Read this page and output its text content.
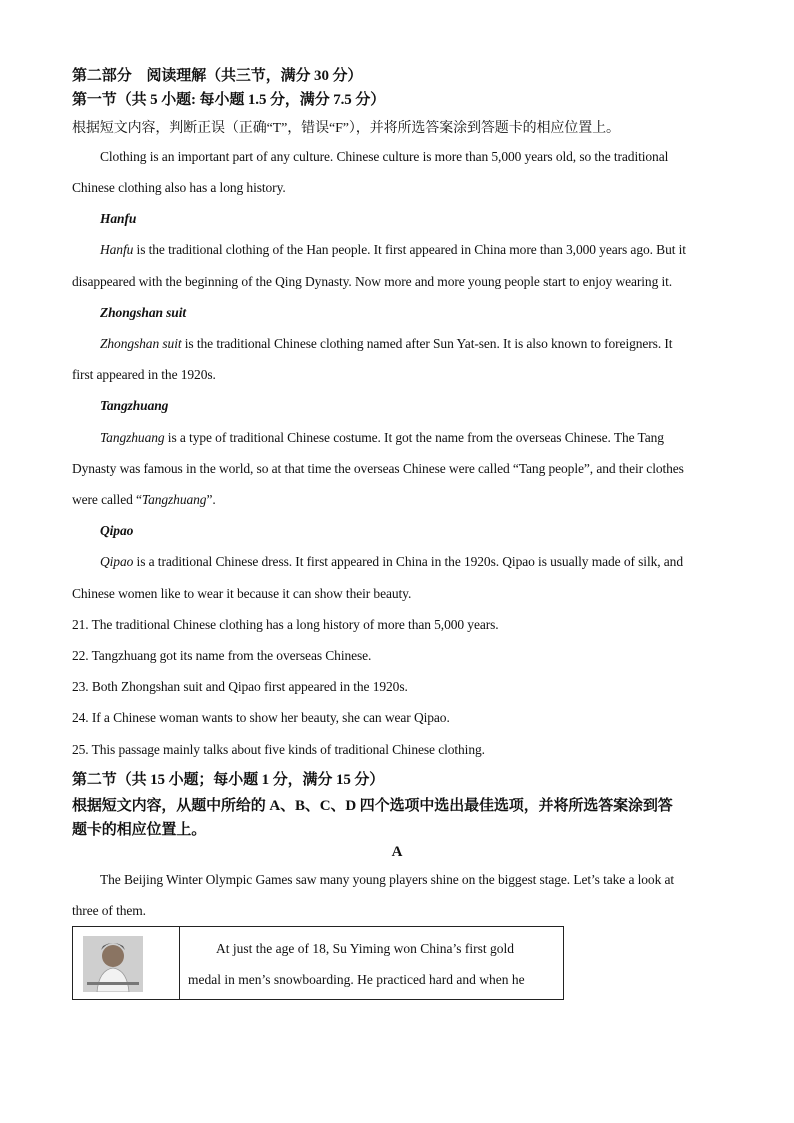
第二部分　阅读理解（共三节，满分 30 分）
第一节（共 5 小题: 每小题 1.5 分，满分 7.5 分）
根据短文内容，判断正误（正确“T”，错误“F”），并将所选答案涂到答题卡的相应位置上。
Clothing is an important part of any culture. Chinese culture is more than 5,000 years old, so the traditional
Chinese clothing also has a long history.
Hanfu
Hanfu is the traditional clothing of the Han people. It first appeared in China more than 3,000 years ago. But it
disappeared with the beginning of the Qing Dynasty. Now more and more young people start to enjoy wearing it.
Zhongshan suit
Zhongshan suit is the traditional Chinese clothing named after Sun Yat-sen. It is also known to foreigners. It
first appeared in the 1920s.
Tangzhuang
Tangzhuang is a type of traditional Chinese costume. It got the name from the overseas Chinese. The Tang
Dynasty was famous in the world, so at that time the overseas Chinese were called “Tang people”, and their clothes
were called “Tangzhuang”.
Qipao
Qipao is a traditional Chinese dress. It first appeared in China in the 1920s. Qipao is usually made of silk, and
Chinese women like to wear it because it can show their beauty.
21. The traditional Chinese clothing has a long history of more than 5,000 years.
22. Tangzhuang got its name from the overseas Chinese.
23. Both Zhongshan suit and Qipao first appeared in the 1920s.
24. If a Chinese woman wants to show her beauty, she can wear Qipao.
25. This passage mainly talks about five kinds of traditional Chinese clothing.
第二节（共 15 小题；每小题 1 分，满分 15 分）
根据短文内容，从题中所给的 A、B、C、D 四个选项中选出最佳选项，并将所选答案涂到答
题卡的相应位置上。
A
The Beijing Winter Olympic Games saw many young players shine on the biggest stage. Let’s take a look at
three of them.

At just the age of 18, Su Yiming won China’s first gold
medal in men’s snowboarding. He practiced hard and when he
